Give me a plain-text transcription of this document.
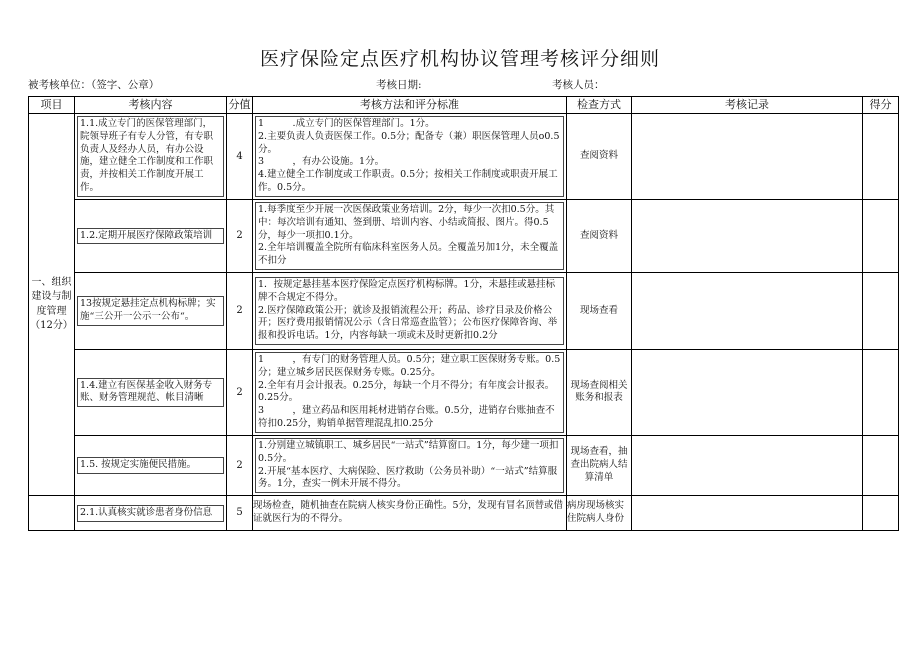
医疗保险定点医疗机构协议管理考核评分细则
被考核单位：（签字、公章）	考核日期:	考核人员：
项目	考核内容	分值	考核方法和评分标准	检查方式	考核记录	得分
一、组织建设与制度管理（12分）	1.1.成立专门的医保管理部门，院领导班子有专人分管，有专职负责人及经办人员，有办公设施，建立健全工作制度和工作职责，并按相关工作制度开展工作。	4	1　　　.成立专门的医保管理部门。1分。
2.主要负责人负责医保工作。0.5分；配备专（兼）职医保管理人员o0.5分。
3　　　，有办公设施。1分。
4.建立健全工作制度或工作职责。0.5分；按相关工作制度或职责开展工作。0.5分。	查阅资料		

	1.2.定期开展医疗保障政策培训	2	1.每季度至少开展一次医保政策业务培训。2分，每少一次扣0.5分。其中：每次培训有通知、签到册、培训内容、小结或简报、图片。得0.5分，每少一项扣0.1分。
2.全年培训覆盖全院所有临床科室医务人员。全覆盖另加1分，未全覆盖不扣分	查阅资料		

	13按规定悬挂定点机构标牌；实施“三公开一公示一公布“。	2	1．按规定悬挂基本医疗保险定点医疗机构标牌。1分，未悬挂或悬挂标牌不合规定不得分。
2.医疗保障政策公开；就诊及报销流程公开；药品、诊疗目录及价格公开；医疗费用报销情况公示（含日常巡查监管）；公布医疗保障咨询、举报和投诉电话。1分，内容每缺一项或未及时更新扣0.2分	现场查看		

	1.4.建立有医保基金收入财务专账、财务管理规范、帐目清晰	2	1　　　，有专门的财务管理人员。0.5分；建立职工医保财务专账。0.5分；建立城乡居民医保财务专账。0.25分。
2.全年有月会计报表。0.25分，每缺一个月不得分；有年度会计报表。0.25分。
3　　　，建立药品和医用耗材进销存台账。0.5分，进销存台账抽查不符扣0.25分，购销单据管理混乱扣0.25分	现场查阅相关账务和报表		

	1.5. 按规定实施便民措施。	2	1.分别建立城镇职工、城乡居民“一站式”结算窗口。1分，每少建一项扣0.5分。
2.开展“基本医疗、大病保险、医疗救助（公务员补助）“一站式”结算服务。1分，查实一例未开展不得分。	现场查看，抽查出院病人结算清单		

	2.1.认真核实就诊患者身份信息	5	现场检查，随机抽查在院病人核实身份正确性。5分，发现有冒名顶替或借证就医行为的不得分。	病房现场核实住院病人身份		
